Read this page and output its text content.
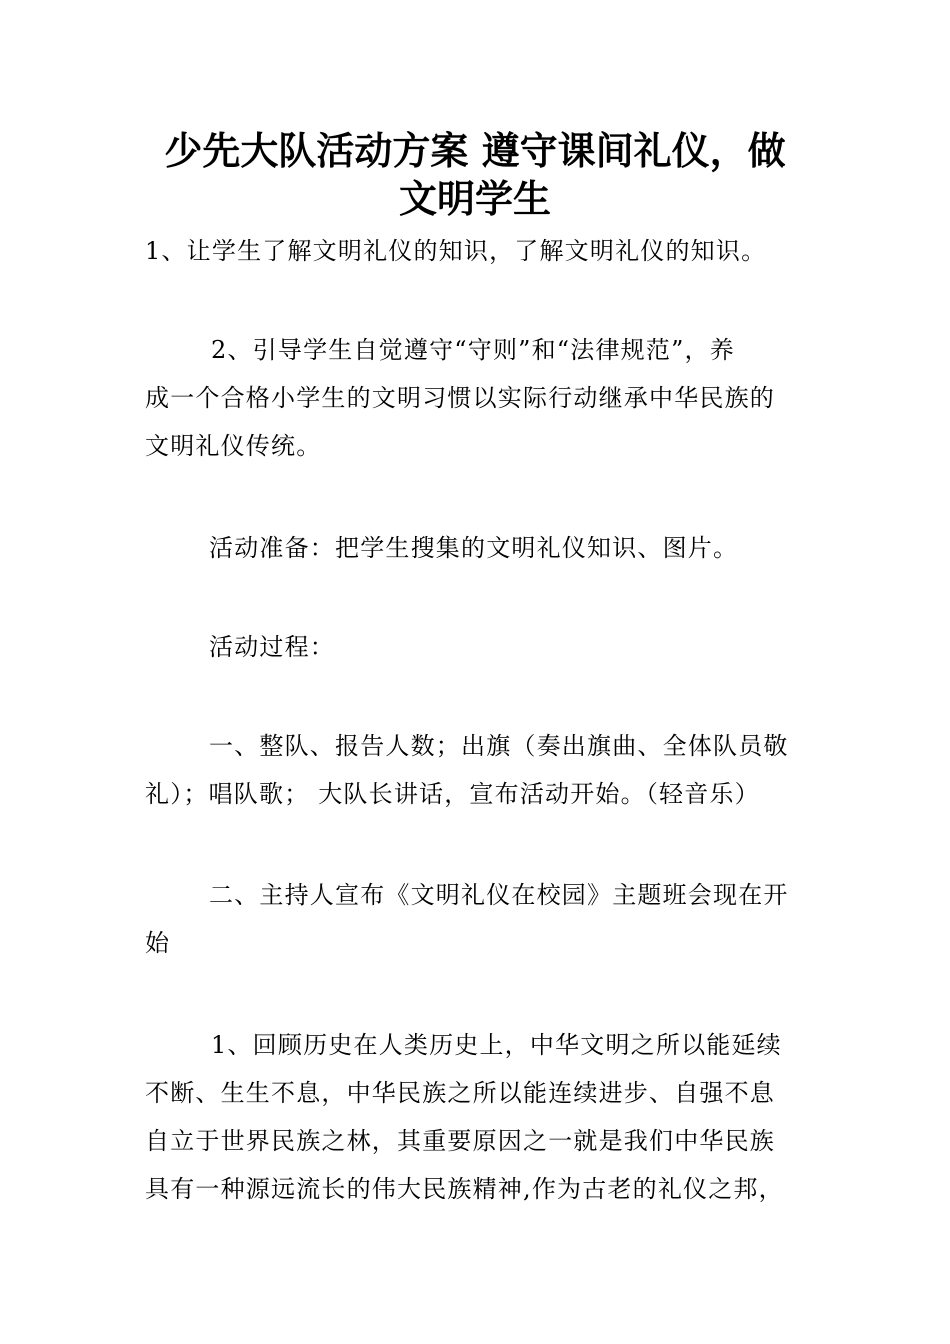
少先大队活动方案 遵守课间礼仪，做
文明学生

1、让学生了解文明礼仪的知识，了解文明礼仪的知识。

2、引导学生自觉遵守“守则”和“法律规范”，养
成一个合格小学生的文明习惯以实际行动继承中华民族的
文明礼仪传统。

活动准备：把学生搜集的文明礼仪知识、图片。

活动过程：

一、整队、报告人数；出旗（奏出旗曲、全体队员敬
礼）；唱队歌； 大队长讲话，宣布活动开始。（轻音乐）

二、主持人宣布《文明礼仪在校园》主题班会现在开
始

1、回顾历史在人类历史上，中华文明之所以能延续
不断、生生不息，中华民族之所以能连续进步、自强不息
自立于世界民族之林，其重要原因之一就是我们中华民族
具有一种源远流长的伟大民族精神,作为古老的礼仪之邦，
